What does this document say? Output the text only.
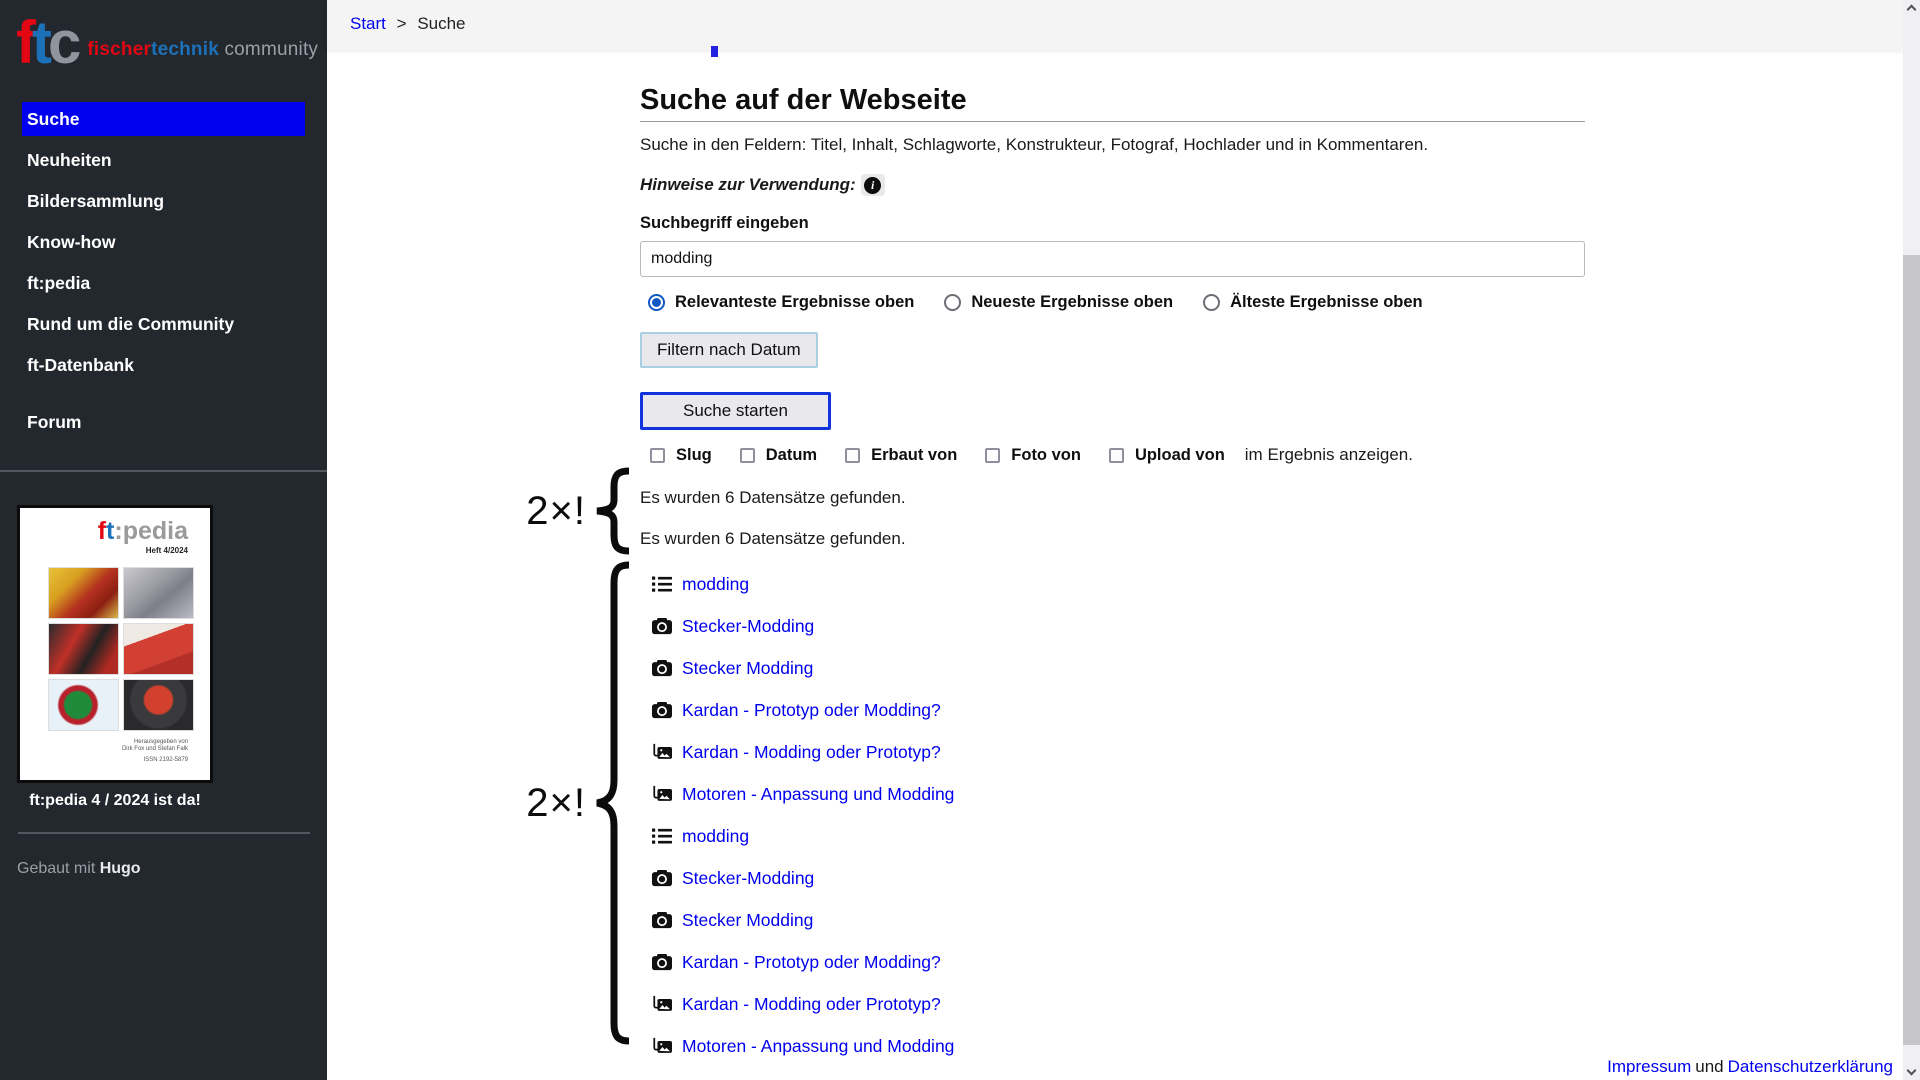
ftc fischertechnik community
Suche
Neuheiten
Bildersammlung
Know-how
ft:pedia
Rund um die Community
ft-Datenbank
Forum
ft:pedia
Heft 4/2024
Herausgegeben von
Dirk Fox und Stefan Falk
ISSN 2192-5879
ft:pedia 4 / 2024 ist da!
Gebaut mit Hugo
Start > Suche
Suche auf der Webseite

Suche in den Feldern: Titel, Inhalt, Schlagworte, Konstrukteur, Fotograf, Hochlader und in Kommentaren.

Hinweise zur Verwendung:
i

Suchbegriff eingeben
modding
Relevanteste Ergebnisse oben	Neueste Ergebnisse oben	Älteste Ergebnisse oben
Filtern nach Datum
Suche starten
Slug	Datum	Erbaut von	Foto von	Upload von im Ergebnis anzeigen.

Es wurden 6 Datensätze gefunden.

Es wurden 6 Datensätze gefunden.

modding
Stecker-Modding
Stecker Modding
Kardan - Prototyp oder Modding?
Kardan - Modding oder Prototyp?
Motoren - Anpassung und Modding
modding
Stecker-Modding
Stecker Modding
Kardan - Prototyp oder Modding?
Kardan - Modding oder Prototyp?
Motoren - Anpassung und Modding
Impressum und Datenschutzerklärung
2×!
2×!
